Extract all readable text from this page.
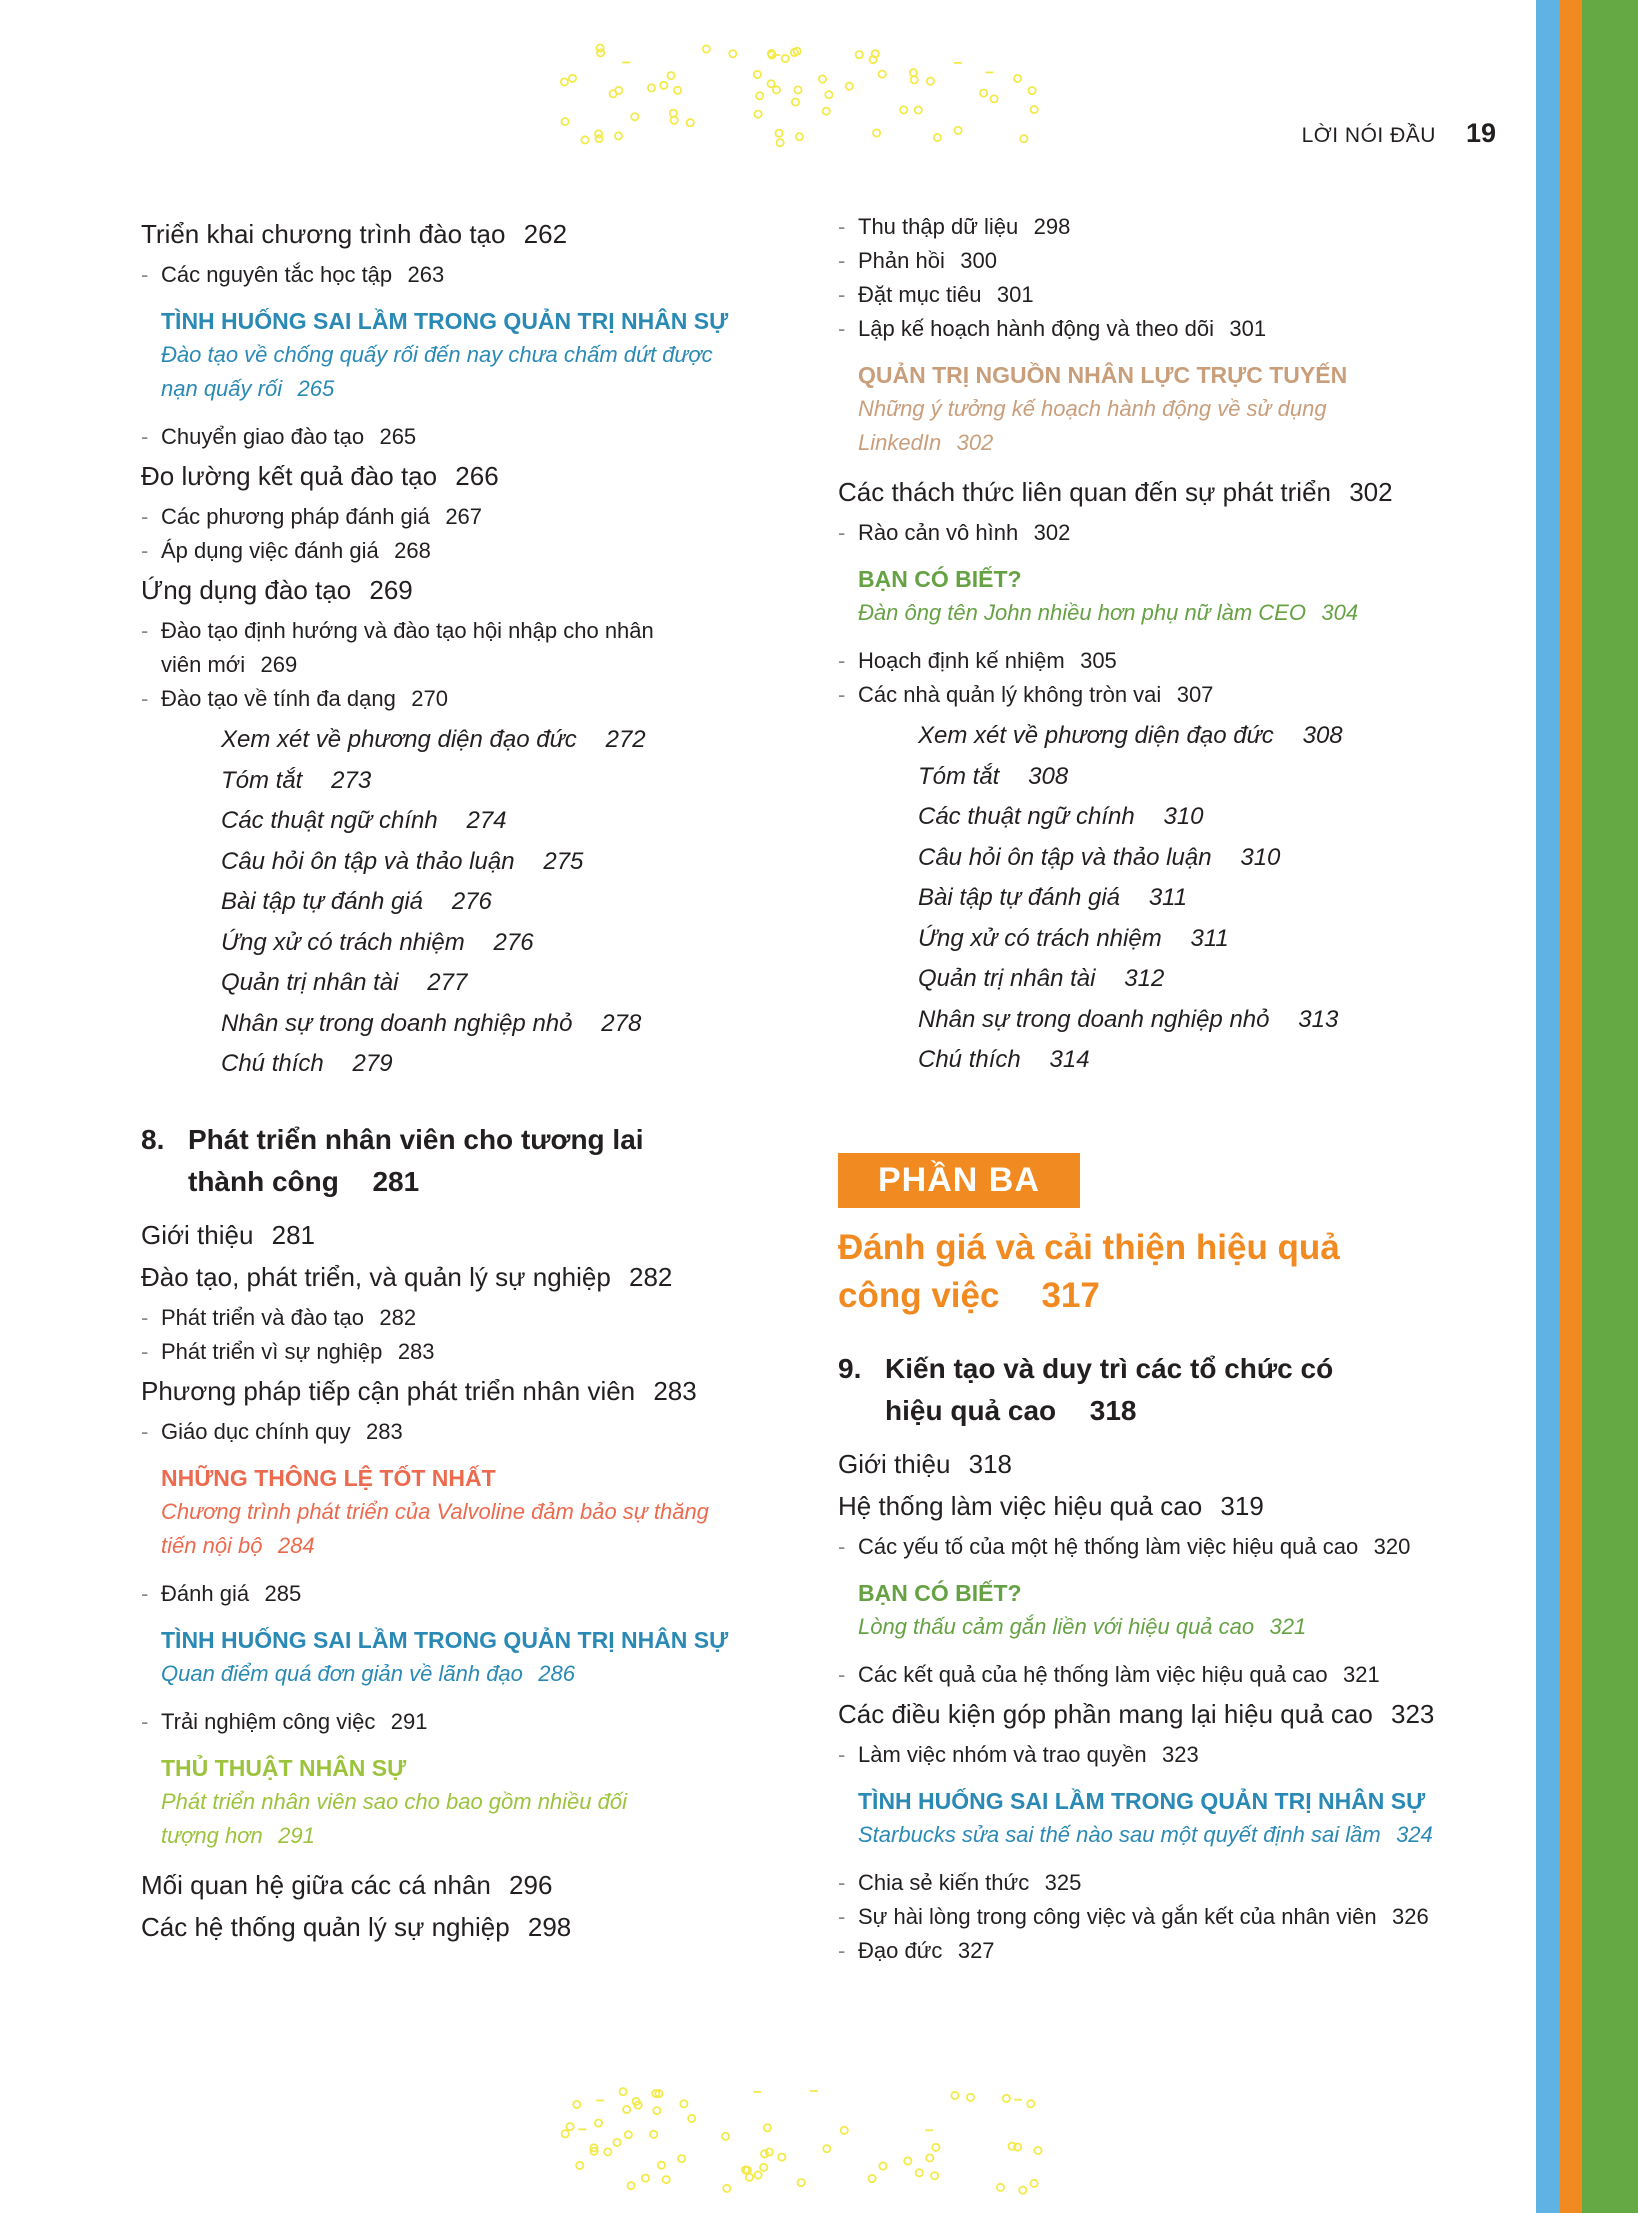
LỜI NÓI ĐẦU 19
Triển khai chương trình đào tạo 262
- Các nguyên tắc học tập 263
TÌNH HUỐNG SAI LẦM TRONG QUẢN TRỊ NHÂN SỰ
Đào tạo về chống quấy rối đến nay chưa chấm dứt được
nạn quấy rối 265
- Chuyển giao đào tạo 265
Đo lường kết quả đào tạo 266
- Các phương pháp đánh giá 267
- Áp dụng việc đánh giá 268
Ứng dụng đào tạo 269
- Đào tạo định hướng và đào tạo hội nhập cho nhân
viên mới 269
- Đào tạo về tính đa dạng 270
Xem xét về phương diện đạo đức 272
Tóm tắt 273
Các thuật ngữ chính 274
Câu hỏi ôn tập và thảo luận 275
Bài tập tự đánh giá 276
Ứng xử có trách nhiệm 276
Quản trị nhân tài 277
Nhân sự trong doanh nghiệp nhỏ 278
Chú thích 279
8. Phát triển nhân viên cho tương lai
thành công 281
Giới thiệu 281
Đào tạo, phát triển, và quản lý sự nghiệp 282
- Phát triển và đào tạo 282
- Phát triển vì sự nghiệp 283
Phương pháp tiếp cận phát triển nhân viên 283
- Giáo dục chính quy 283
NHỮNG THÔNG LỆ TỐT NHẤT
Chương trình phát triển của Valvoline đảm bảo sự thăng
tiến nội bộ 284
- Đánh giá 285
TÌNH HUỐNG SAI LẦM TRONG QUẢN TRỊ NHÂN SỰ
Quan điểm quá đơn giản về lãnh đạo 286
- Trải nghiệm công việc 291
THỦ THUẬT NHÂN SỰ
Phát triển nhân viên sao cho bao gồm nhiều đối
tượng hơn 291
Mối quan hệ giữa các cá nhân 296
Các hệ thống quản lý sự nghiệp 298
- Thu thập dữ liệu 298
- Phản hồi 300
- Đặt mục tiêu 301
- Lập kế hoạch hành động và theo dõi 301
QUẢN TRỊ NGUỒN NHÂN LỰC TRỰC TUYẾN
Những ý tưởng kế hoạch hành động về sử dụng
LinkedIn 302
Các thách thức liên quan đến sự phát triển 302
- Rào cản vô hình 302
BẠN CÓ BIẾT?
Đàn ông tên John nhiều hơn phụ nữ làm CEO 304
- Hoạch định kế nhiệm 305
- Các nhà quản lý không tròn vai 307
Xem xét về phương diện đạo đức 308
Tóm tắt 308
Các thuật ngữ chính 310
Câu hỏi ôn tập và thảo luận 310
Bài tập tự đánh giá 311
Ứng xử có trách nhiệm 311
Quản trị nhân tài 312
Nhân sự trong doanh nghiệp nhỏ 313
Chú thích 314
PHẦN BA
Đánh giá và cải thiện hiệu quả
công việc 317
9. Kiến tạo và duy trì các tổ chức có
hiệu quả cao 318
Giới thiệu 318
Hệ thống làm việc hiệu quả cao 319
- Các yếu tố của một hệ thống làm việc hiệu quả cao 320
BẠN CÓ BIẾT?
Lòng thấu cảm gắn liền với hiệu quả cao 321
- Các kết quả của hệ thống làm việc hiệu quả cao 321
Các điều kiện góp phần mang lại hiệu quả cao 323
- Làm việc nhóm và trao quyền 323
TÌNH HUỐNG SAI LẦM TRONG QUẢN TRỊ NHÂN SỰ
Starbucks sửa sai thế nào sau một quyết định sai lầm 324
- Chia sẻ kiến thức 325
- Sự hài lòng trong công việc và gắn kết của nhân viên 326
- Đạo đức 327
